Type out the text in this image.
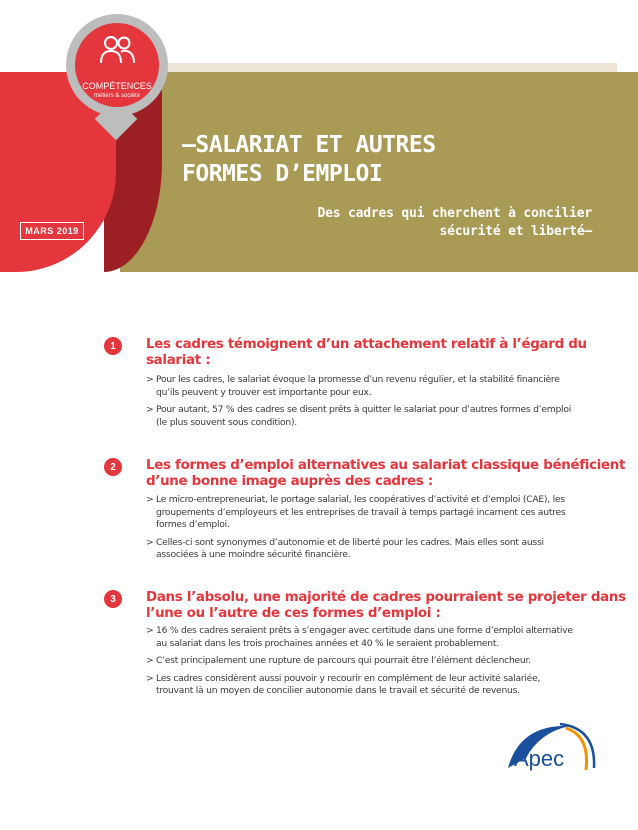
COMPÉTENCES
métiers & société
MARS 2019
–SALARIAT ET AUTRES
FORMES D’EMPLOI
Des cadres qui cherchent à concilier
sécurité et liberté–
1	Les cadres témoignent d’un attachement relatif à l’égard du
salariat :
> Pour les cadres, le salariat évoque la promesse d’un revenu régulier, et la stabilité financière
qu’ils peuvent y trouver est importante pour eux.
> Pour autant, 57 % des cadres se disent prêts à quitter le salariat pour d’autres formes d’emploi
(le plus souvent sous condition).
2	Les formes d’emploi alternatives au salariat classique bénéficient
d’une bonne image auprès des cadres :
> Le micro-entrepreneuriat, le portage salarial, les coopératives d’activité et d’emploi (CAE), les
groupements d’employeurs et les entreprises de travail à temps partagé incarnent ces autres
formes d’emploi.
> Celles-ci sont synonymes d’autonomie et de liberté pour les cadres. Mais elles sont aussi
associées à une moindre sécurité financière.
3	Dans l’absolu, une majorité de cadres pourraient se projeter dans
l’une ou l’autre de ces formes d’emploi :
> 16 % des cadres seraient prêts à s’engager avec certitude dans une forme d’emploi alternative
au salariat dans les trois prochaines années et 40 % le seraient probablement.
> C’est principalement une rupture de parcours qui pourrait être l’élément déclencheur.
> Les cadres considèrent aussi pouvoir y recourir en complément de leur activité salariée,
trouvant là un moyen de concilier autonomie dans le travail et sécurité de revenus.
Apec
